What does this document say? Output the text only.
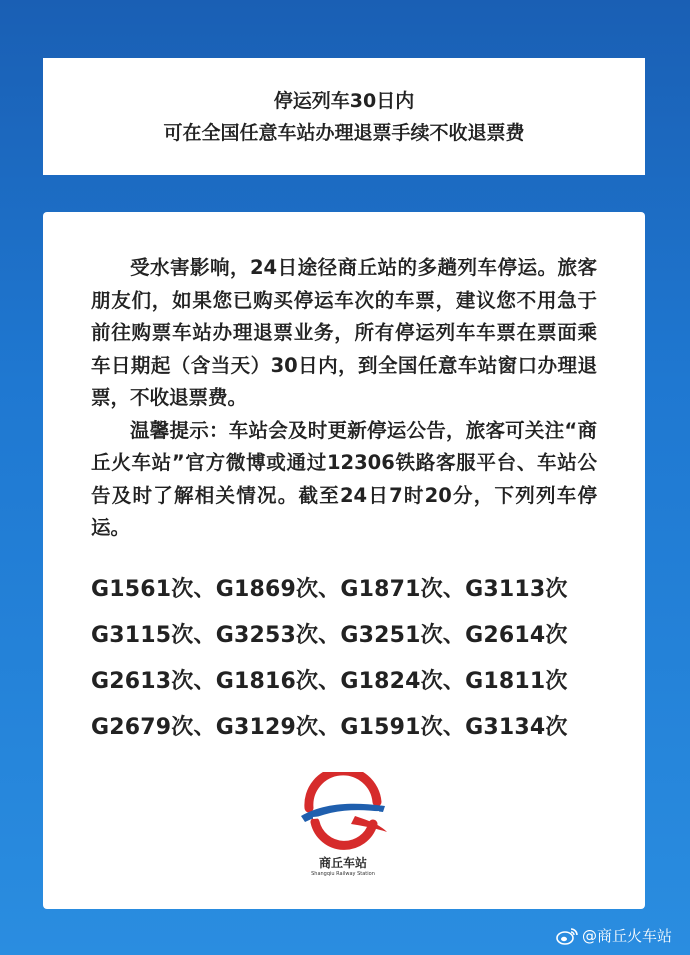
停运列车30日内
可在全国任意车站办理退票手续不收退票费

受水害影响，24日途径商丘站的多趟列车停运。旅客朋友们，如果您已购买停运车次的车票，建议您不用急于前往购票车站办理退票业务，所有停运列车车票在票面乘车日期起（含当天）30日内，到全国任意车站窗口办理退票，不收退票费。

温馨提示：车站会及时更新停运公告，旅客可关注“商丘火车站”官方微博或通过12306铁路客服平台、车站公告及时了解相关情况。截至24日7时20分，下列列车停运。

G1561次、G1869次、G1871次、G3113次
G3115次、G3253次、G3251次、G2614次
G2613次、G1816次、G1824次、G1811次
G2679次、G3129次、G1591次、G3134次
商丘车站
Shangqiu Railway Station
@商丘火车站
